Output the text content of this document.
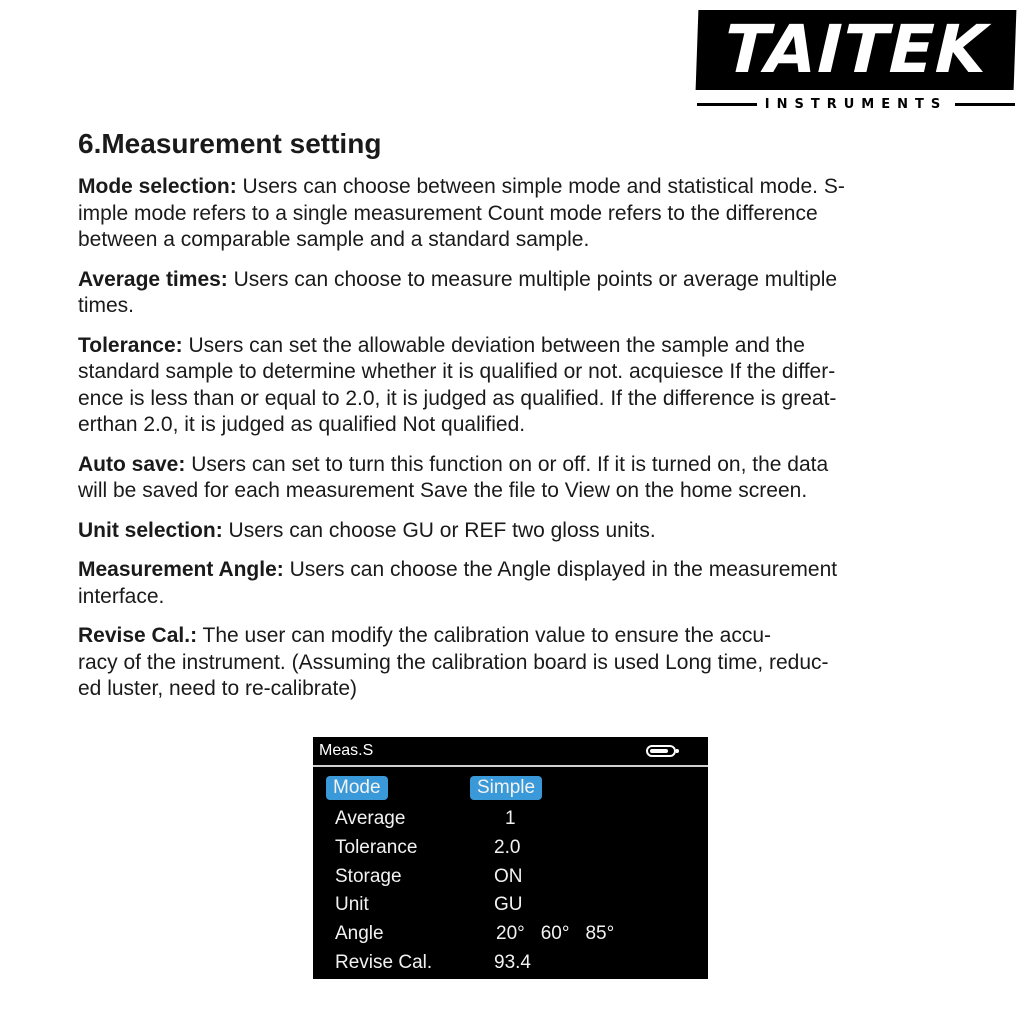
TAITEK
INSTRUMENTS
6.Measurement setting

Mode selection: Users can choose between simple mode and statistical mode. S-
imple mode refers to a single measurement Count mode refers to the difference
between a comparable sample and a standard sample.

Average times: Users can choose to measure multiple points or average multiple
times.

Tolerance: Users can set the allowable deviation between the sample and the
standard sample to determine whether it is qualified or not. acquiesce If the differ-
ence is less than or equal to 2.0, it is judged as qualified. If the difference is great-
erthan 2.0, it is judged as qualified Not qualified.

Auto save: Users can set to turn this function on or off. If it is turned on, the data
will be saved for each measurement Save the file to View on the home screen.

Unit selection: Users can choose GU or REF two gloss units.

Measurement Angle: Users can choose the Angle displayed in the measurement
interface.

Revise Cal.: The user can modify the calibration value to ensure the accu-
racy of the instrument. (Assuming the calibration board is used Long time, reduc-
ed luster, need to re-calibrate)

Meas.S
Mode	Simple
Average	1
Tolerance	2.0
Storage	ON
Unit	GU
Angle	20° 60° 85°
Revise Cal.	93.4
